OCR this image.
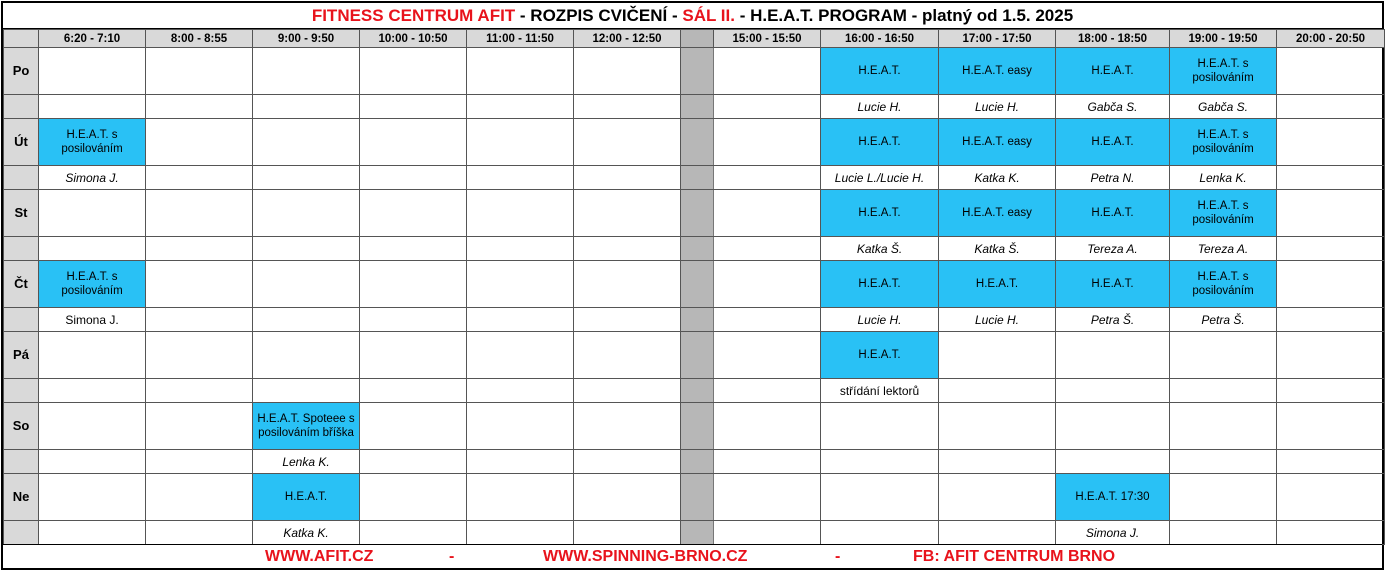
FITNESS CENTRUM AFIT - ROZPIS CVIČENÍ - SÁL II. - H.E.A.T. PROGRAM - platný od 1.5. 2025
	6:20 - 7:10	8:00 - 8:55	9:00 - 9:50	10:00 - 10:50	11:00 - 11:50	12:00 - 12:50		15:00 - 15:50	16:00 - 16:50	17:00 - 17:50	18:00 - 18:50	19:00 - 19:50	20:00 - 20:50
Po									H.E.A.T.	H.E.A.T. easy	H.E.A.T.	H.E.A.T. s posilováním	
									Lucie H.	Lucie H.	Gabča S.	Gabča S.	
Út	H.E.A.T. s posilováním								H.E.A.T.	H.E.A.T. easy	H.E.A.T.	H.E.A.T. s posilováním	
	Simona J.								Lucie L./Lucie H.	Katka K.	Petra N.	Lenka K.	
St									H.E.A.T.	H.E.A.T. easy	H.E.A.T.	H.E.A.T. s posilováním	
									Katka Š.	Katka Š.	Tereza A.	Tereza A.	
Čt	H.E.A.T. s posilováním								H.E.A.T.	H.E.A.T.	H.E.A.T.	H.E.A.T. s posilováním	
	Simona J.								Lucie H.	Lucie H.	Petra Š.	Petra Š.	
Pá									H.E.A.T.				
									střídání lektorů				
So			H.E.A.T. Spoteee s posilováním bříška										
			Lenka K.										
Ne			H.E.A.T.								H.E.A.T. 17:30		
			Katka K.								Simona J.		
WWW.AFIT.CZ	-	WWW.SPINNING-BRNO.CZ	-	FB: AFIT CENTRUM BRNO
